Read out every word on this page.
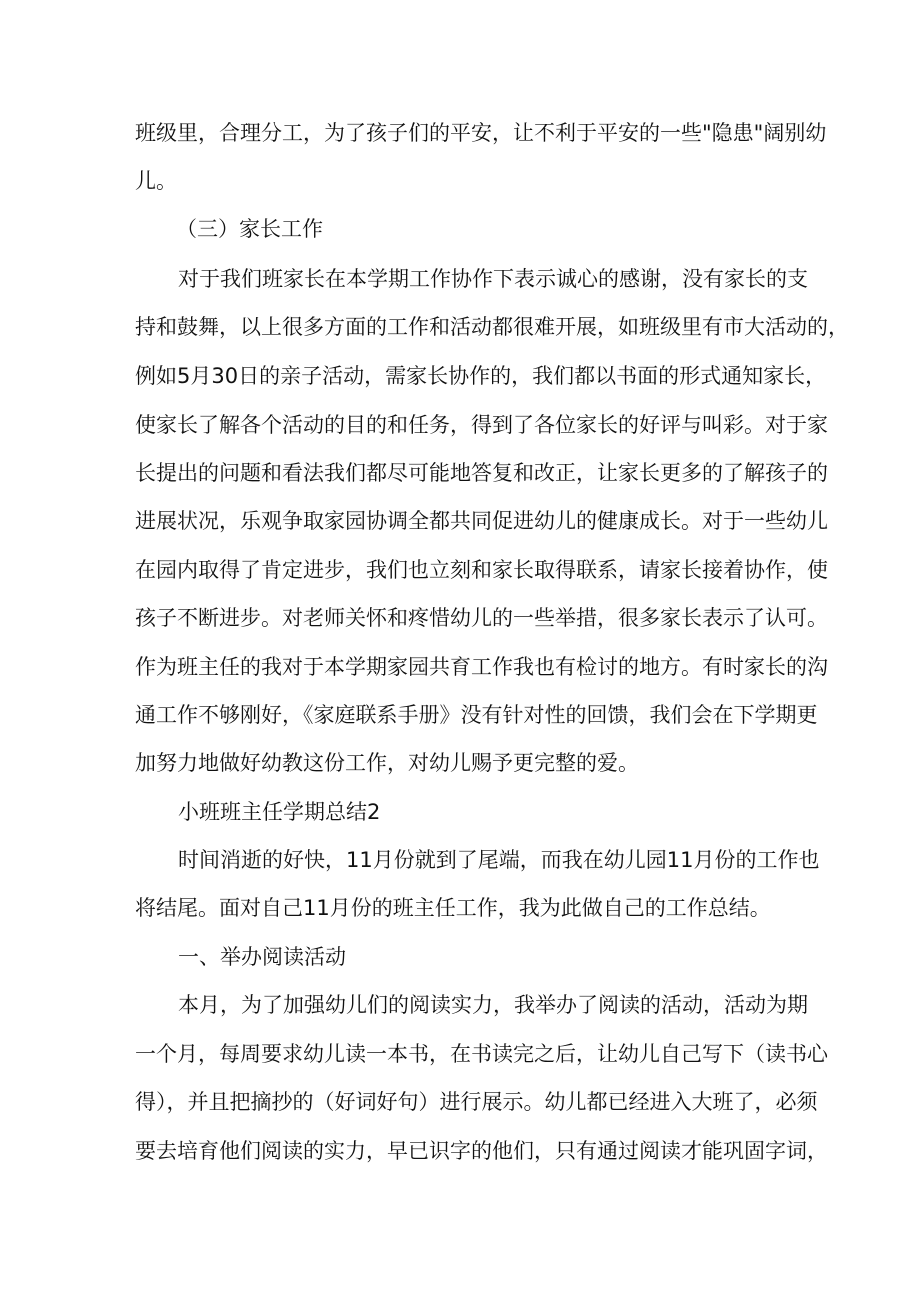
班级里，合理分工，为了孩子们的平安，让不利于平安的一些"隐患"阔别幼
儿。
（三）家长工作
对于我们班家长在本学期工作协作下表示诚心的感谢，没有家长的支
持和鼓舞，以上很多方面的工作和活动都很难开展，如班级里有市大活动的，
例如5月30日的亲子活动，需家长协作的，我们都以书面的形式通知家长，
使家长了解各个活动的目的和任务，得到了各位家长的好评与叫彩。对于家
长提出的问题和看法我们都尽可能地答复和改正，让家长更多的了解孩子的
进展状况，乐观争取家园协调全都共同促进幼儿的健康成长。对于一些幼儿
在园内取得了肯定进步，我们也立刻和家长取得联系，请家长接着协作，使
孩子不断进步。对老师关怀和疼惜幼儿的一些举措，很多家长表示了认可。
作为班主任的我对于本学期家园共育工作我也有检讨的地方。有时家长的沟
通工作不够刚好，《家庭联系手册》没有针对性的回馈，我们会在下学期更
加努力地做好幼教这份工作，对幼儿赐予更完整的爱。
小班班主任学期总结2
时间消逝的好快，11月份就到了尾端，而我在幼儿园11月份的工作也
将结尾。面对自己11月份的班主任工作，我为此做自己的工作总结。
一、举办阅读活动
本月，为了加强幼儿们的阅读实力，我举办了阅读的活动，活动为期
一个月，每周要求幼儿读一本书，在书读完之后，让幼儿自己写下（读书心
得），并且把摘抄的（好词好句）进行展示。幼儿都已经进入大班了，必须
要去培育他们阅读的实力，早已识字的他们，只有通过阅读才能巩固字词，
